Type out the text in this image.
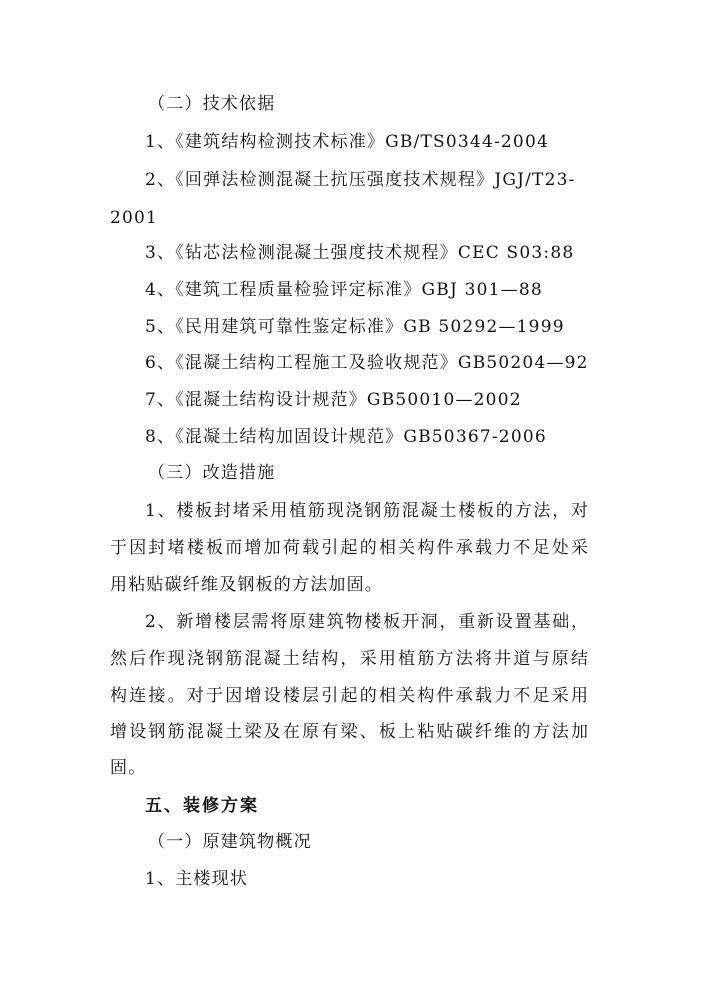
（二）技术依据
1、《建筑结构检测技术标准》GB/TS0344-2004
2、《回弹法检测混凝土抗压强度技术规程》JGJ/T23-
2001
3、《钻芯法检测混凝土强度技术规程》CEC S03:88
4、《建筑工程质量检验评定标准》GBJ 301—88
5、《民用建筑可靠性鉴定标准》GB 50292—1999
6、《混凝土结构工程施工及验收规范》GB50204—92
7、《混凝土结构设计规范》GB50010—2002
8、《混凝土结构加固设计规范》GB50367-2006
（三）改造措施
1、楼板封堵采用植筋现浇钢筋混凝土楼板的方法，对
于因封堵楼板而增加荷载引起的相关构件承载力不足处采
用粘贴碳纤维及钢板的方法加固。
2、新增楼层需将原建筑物楼板开洞，重新设置基础，
然后作现浇钢筋混凝土结构，采用植筋方法将井道与原结
构连接。对于因增设楼层引起的相关构件承载力不足采用
增设钢筋混凝土梁及在原有梁、板上粘贴碳纤维的方法加
固。
五、装修方案
（一）原建筑物概况
1、主楼现状
